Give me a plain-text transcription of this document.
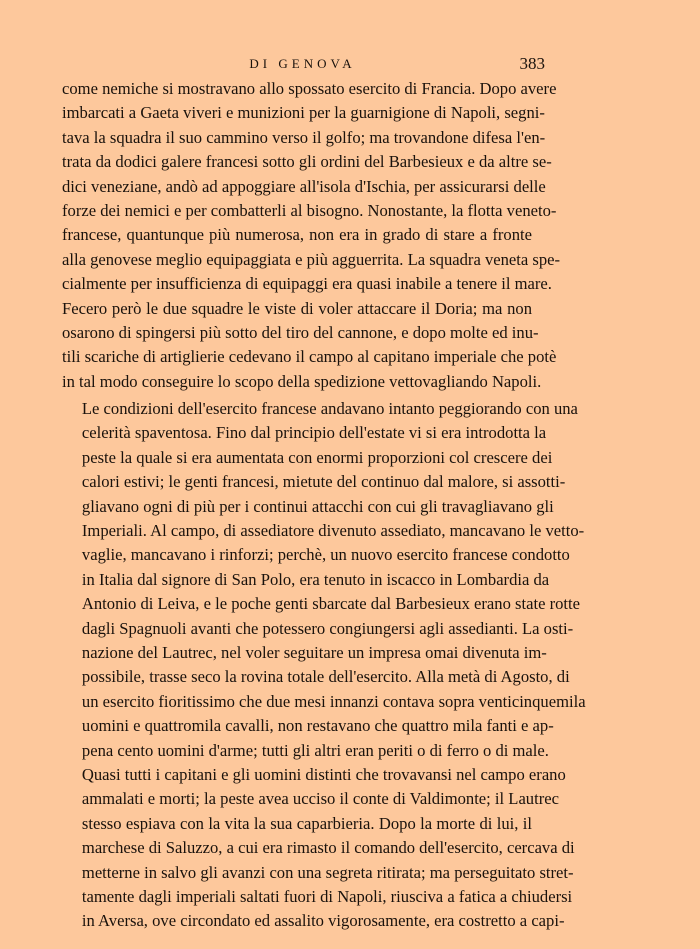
DI GENOVA	383

come nemiche si mostravano allo spossato esercito di Francia. Dopo avere
imbarcati a Gaeta viveri e munizioni per la guarnigione di Napoli, segni-
tava la squadra il suo cammino verso il golfo; ma trovandone difesa l'en-
trata da dodici galere francesi sotto gli ordini del Barbesieux e da altre se-
dici veneziane, andò ad appoggiare all'isola d'Ischia, per assicurarsi delle
forze dei nemici e per combatterli al bisogno. Nonostante, la flotta veneto-
francese, quantunque più numerosa, non era in grado di stare a fronte
alla genovese meglio equipaggiata e più agguerrita. La squadra veneta spe-
cialmente per insufficienza di equipaggi era quasi inabile a tenere il mare.
Fecero però le due squadre le viste di voler attaccare il Doria; ma non
osarono di spingersi più sotto del tiro del cannone, e dopo molte ed inu-
tili scariche di artiglierie cedevano il campo al capitano imperiale che potè
in tal modo conseguire lo scopo della spedizione vettovagliando Napoli.

Le condizioni dell'esercito francese andavano intanto peggiorando con una
celerità spaventosa. Fino dal principio dell'estate vi si era introdotta la
peste la quale si era aumentata con enormi proporzioni col crescere dei
calori estivi; le genti francesi, mietute del continuo dal malore, si assotti-
gliavano ogni di più per i continui attacchi con cui gli travagliavano gli
Imperiali. Al campo, di assediatore divenuto assediato, mancavano le vetto-
vaglie, mancavano i rinforzi; perchè, un nuovo esercito francese condotto
in Italia dal signore di San Polo, era tenuto in iscacco in Lombardia da
Antonio di Leiva, e le poche genti sbarcate dal Barbesieux erano state rotte
dagli Spagnuoli avanti che potessero congiungersi agli assedianti. La osti-
nazione del Lautrec, nel voler seguitare un impresa omai divenuta im-
possibile, trasse seco la rovina totale dell'esercito. Alla metà di Agosto, di
un esercito fioritissimo che due mesi innanzi contava sopra venticinquemila
uomini e quattromila cavalli, non restavano che quattro mila fanti e ap-
pena cento uomini d'arme; tutti gli altri eran periti o di ferro o di male.
Quasi tutti i capitani e gli uomini distinti che trovavansi nel campo erano
ammalati e morti; la peste avea ucciso il conte di Valdimonte; il Lautrec
stesso espiava con la vita la sua caparbieria. Dopo la morte di lui, il
marchese di Saluzzo, a cui era rimasto il comando dell'esercito, cercava di
metterne in salvo gli avanzi con una segreta ritirata; ma perseguitato stret-
tamente dagli imperiali saltati fuori di Napoli, riusciva a fatica a chiudersi
in Aversa, ove circondato ed assalito vigorosamente, era costretto a capi-
